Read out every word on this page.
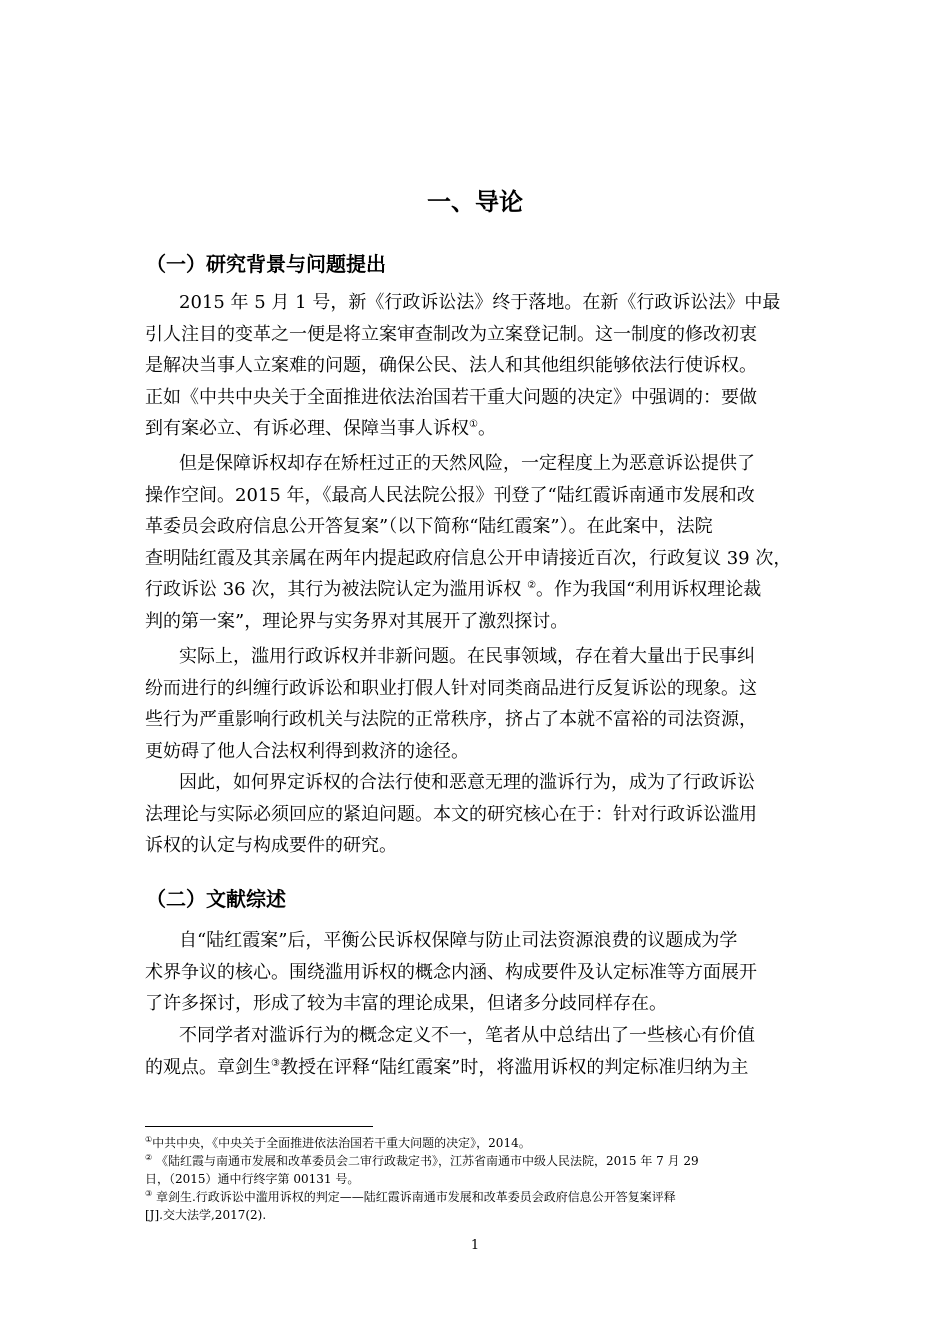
一、导论
（一）研究背景与问题提出
2015 年 5 月 1 号，新《行政诉讼法》终于落地。在新《行政诉讼法》中最
引人注目的变革之一便是将立案审查制改为立案登记制。这一制度的修改初衷
是解决当事人立案难的问题，确保公民、法人和其他组织能够依法行使诉权。
正如《中共中央关于全面推进依法治国若干重大问题的决定》中强调的：要做
到有案必立、有诉必理、保障当事人诉权①。
但是保障诉权却存在矫枉过正的天然风险，一定程度上为恶意诉讼提供了
操作空间。2015 年，《最高人民法院公报》刊登了“陆红霞诉南通市发展和改
革委员会政府信息公开答复案”（以下简称“陆红霞案”）。在此案中，法院
查明陆红霞及其亲属在两年内提起政府信息公开申请接近百次，行政复议 39 次，
行政诉讼 36 次，其行为被法院认定为滥用诉权 ②。作为我国“利用诉权理论裁
判的第一案”，理论界与实务界对其展开了激烈探讨。
实际上，滥用行政诉权并非新问题。在民事领域，存在着大量出于民事纠
纷而进行的纠缠行政诉讼和职业打假人针对同类商品进行反复诉讼的现象。这
些行为严重影响行政机关与法院的正常秩序，挤占了本就不富裕的司法资源，
更妨碍了他人合法权利得到救济的途径。
因此，如何界定诉权的合法行使和恶意无理的滥诉行为，成为了行政诉讼
法理论与实际必须回应的紧迫问题。本文的研究核心在于：针对行政诉讼滥用
诉权的认定与构成要件的研究。
（二）文献综述
自“陆红霞案”后，平衡公民诉权保障与防止司法资源浪费的议题成为学
术界争议的核心。围绕滥用诉权的概念内涵、构成要件及认定标准等方面展开
了许多探讨，形成了较为丰富的理论成果，但诸多分歧同样存在。
不同学者对滥诉行为的概念定义不一，笔者从中总结出了一些核心有价值
的观点。章剑生③教授在评释“陆红霞案”时，将滥用诉权的判定标准归纳为主
①中共中央，《中央关于全面推进依法治国若干重大问题的决定》，2014。
② 《陆红霞与南通市发展和改革委员会二审行政裁定书》，江苏省南通市中级人民法院，2015 年 7 月 29
日，（2015）通中行终字第 00131 号。
③ 章剑生.行政诉讼中滥用诉权的判定——陆红霞诉南通市发展和改革委员会政府信息公开答复案评释
[J].交大法学,2017(2).
1
